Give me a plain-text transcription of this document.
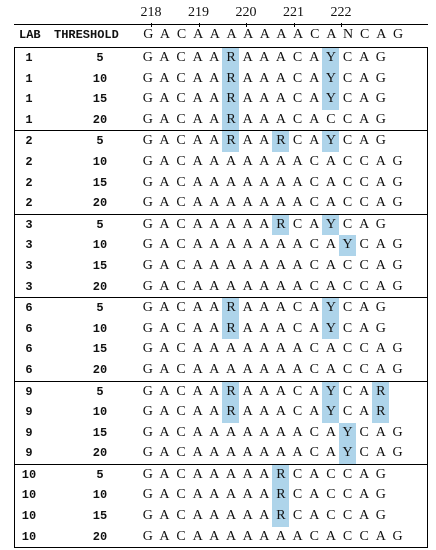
218	219	220	221	222
LAB THRESHOLD G A C A A A A A A A C A N C A G
1	5	G A C A A R A A A C A Y C A G
1	10	G A C A A R A A A C A Y C A G
1	15	G A C A A R A A A C A Y C A G
1	20	G A C A A R A A A C A C C A G
2	5	G A C A A R A A R C A Y C A G
2	10	G A C A A A A A A A C A C C A G
2	15	G A C A A A A A A A C A C C A G
2	20	G A C A A A A A A A C A C C A G
3	5	G A C A A A A A R C A Y C A G
3	10	G A C A A A A A A A C A Y C A G
3	15	G A C A A A A A A A C A C C A G
3	20	G A C A A A A A A A C A C C A G
6	5	G A C A A R A A A C A Y C A G
6	10	G A C A A R A A A C A Y C A G
6	15	G A C A A A A A A A C A C C A G
6	20	G A C A A A A A A A C A C C A G
9	5	G A C A A R A A A C A Y C A R
9	10	G A C A A R A A A C A Y C A R
9	15	G A C A A A A A A A C A Y C A G
9	20	G A C A A A A A A A C A Y C A G
10	5	G A C A A A A A R C A C C A G
10	10	G A C A A A A A R C A C C A G
10	15	G A C A A A A A R C A C C A G
10	20	G A C A A A A A A A C A C C A G
